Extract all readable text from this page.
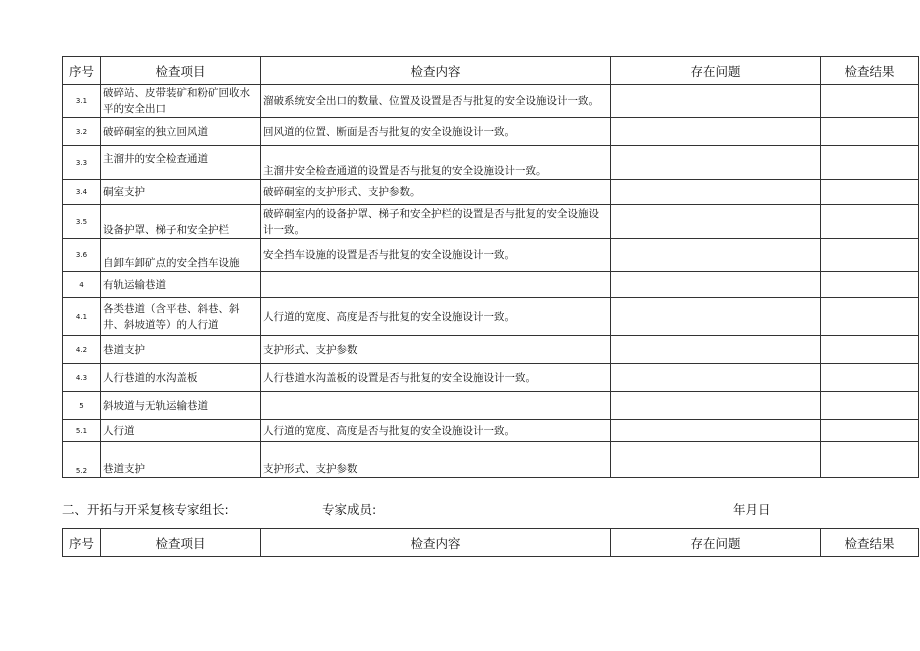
序号	检查项目	检查内容	存在问题	检查结果
3.1	破碎站、皮带装矿和粉矿回收水平的安全出口	溜破系统安全出口的数量、位置及设置是否与批复的安全设施设计一致。		
3.2	破碎硐室的独立回风道	回风道的位置、断面是否与批复的安全设施设计一致。		
3.3	主溜井的安全检查通道	主溜井安全检查通道的设置是否与批复的安全设施设计一致。		
3.4	硐室支护	破碎硐室的支护形式、支护参数。		
3.5	设备护罩、梯子和安全护栏	破碎硐室内的设备护罩、梯子和安全护栏的设置是否与批复的安全设施设计一致。		
3.6	自卸车卸矿点的安全挡车设施	安全挡车设施的设置是否与批复的安全设施设计一致。		
4	有轨运输巷道			
4.1	各类巷道（含平巷、斜巷、斜井、斜坡道等）的人行道	人行道的宽度、高度是否与批复的安全设施设计一致。		
4.2	巷道支护	支护形式、支护参数		
4.3	人行巷道的水沟盖板	人行巷道水沟盖板的设置是否与批复的安全设施设计一致。		
5	斜坡道与无轨运输巷道			
5.1	人行道	人行道的宽度、高度是否与批复的安全设施设计一致。		
5.2	巷道支护	支护形式、支护参数		
二、开拓与开采复核专家组长:	专家成员:	年月日
序号	检查项目	检查内容	存在问题	检查结果
